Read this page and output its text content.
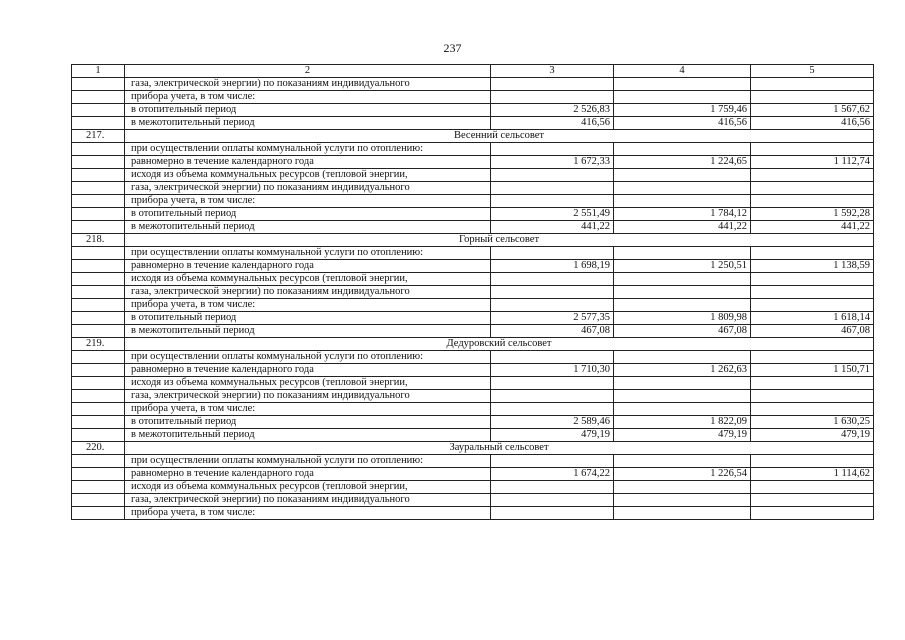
237
1	2	3	4	5
	газа, электрической энергии) по показаниям индивидуального			
	прибора учета, в том числе:			
	в отопительный период	2 526,83	1 759,46	1 567,62
	в межотопительный период	416,56	416,56	416,56
217.	Весенний сельсовет			
	при осуществлении оплаты коммунальной услуги по отоплению:			
	равномерно в течение календарного года	1 672,33	1 224,65	1 112,74
	исходя из объема коммунальных ресурсов (тепловой энергии,			
	газа, электрической энергии) по показаниям индивидуального			
	прибора учета, в том числе:			
	в отопительный период	2 551,49	1 784,12	1 592,28
	в межотопительный период	441,22	441,22	441,22
218.	Горный сельсовет			
	при осуществлении оплаты коммунальной услуги по отоплению:			
	равномерно в течение календарного года	1 698,19	1 250,51	1 138,59
	исходя из объема коммунальных ресурсов (тепловой энергии,			
	газа, электрической энергии) по показаниям индивидуального			
	прибора учета, в том числе:			
	в отопительный период	2 577,35	1 809,98	1 618,14
	в межотопительный период	467,08	467,08	467,08
219.	Дедуровский сельсовет			
	при осуществлении оплаты коммунальной услуги по отоплению:			
	равномерно в течение календарного года	1 710,30	1 262,63	1 150,71
	исходя из объема коммунальных ресурсов (тепловой энергии,			
	газа, электрической энергии) по показаниям индивидуального			
	прибора учета, в том числе:			
	в отопительный период	2 589,46	1 822,09	1 630,25
	в межотопительный период	479,19	479,19	479,19
220.	Зауральный сельсовет			
	при осуществлении оплаты коммунальной услуги по отоплению:			
	равномерно в течение календарного года	1 674,22	1 226,54	1 114,62
	исходя из объема коммунальных ресурсов (тепловой энергии,			
	газа, электрической энергии) по показаниям индивидуального			
	прибора учета, в том числе:			
